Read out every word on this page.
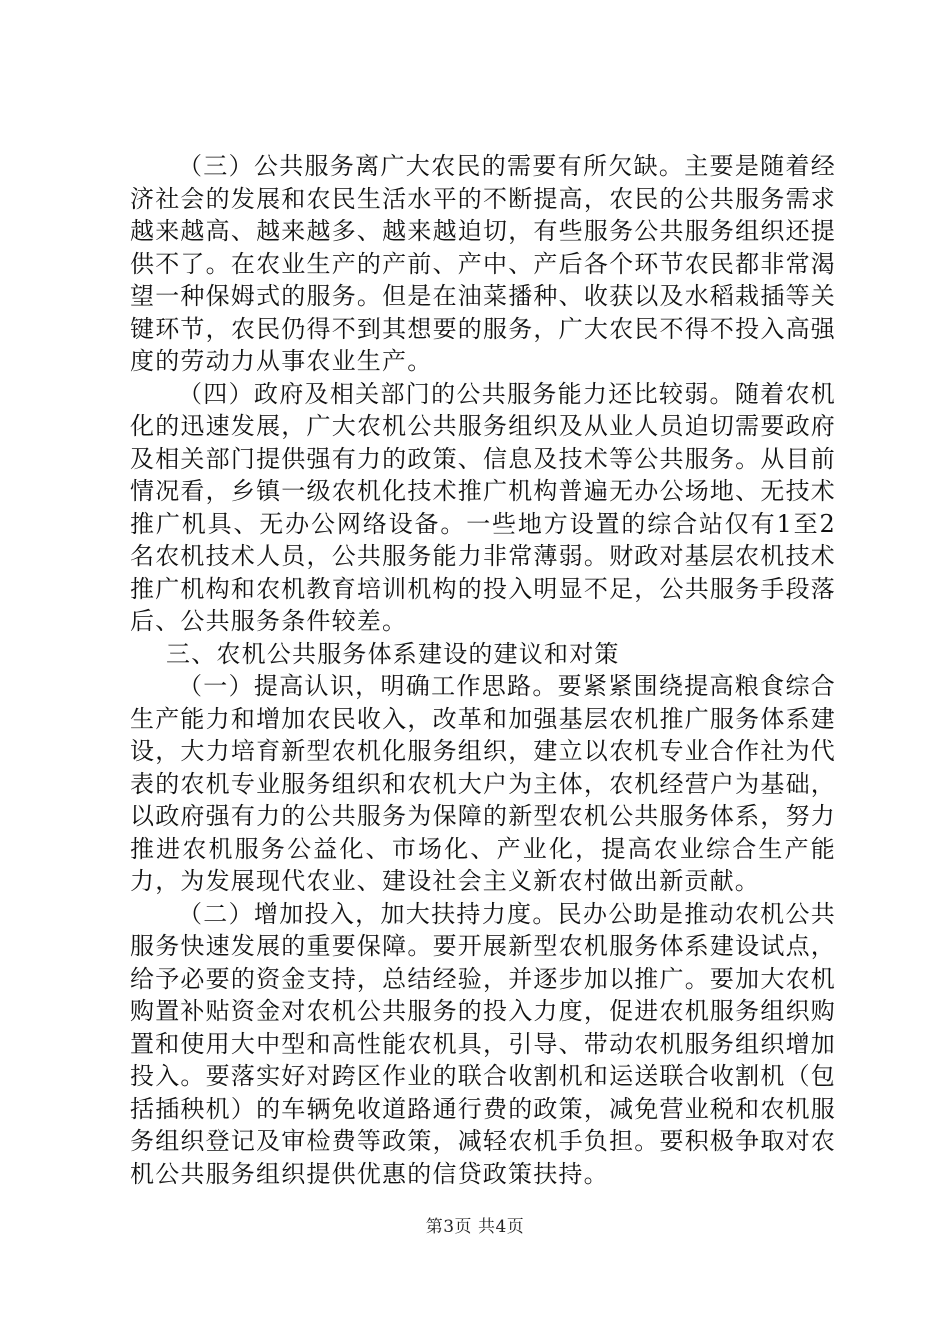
（三）公共服务离广大农民的需要有所欠缺。主要是随着经济社会的发展和农民生活水平的不断提高，农民的公共服务需求越来越高、越来越多、越来越迫切，有些服务公共服务组织还提供不了。在农业生产的产前、产中、产后各个环节农民都非常渴望一种保姆式的服务。但是在油菜播种、收获以及水稻栽插等关键环节，农民仍得不到其想要的服务，广大农民不得不投入高强度的劳动力从事农业生产。

（四）政府及相关部门的公共服务能力还比较弱。随着农机化的迅速发展，广大农机公共服务组织及从业人员迫切需要政府及相关部门提供强有力的政策、信息及技术等公共服务。从目前情况看，乡镇一级农机化技术推广机构普遍无办公场地、无技术推广机具、无办公网络设备。一些地方设置的综合站仅有1至2名农机技术人员，公共服务能力非常薄弱。财政对基层农机技术推广机构和农机教育培训机构的投入明显不足，公共服务手段落后、公共服务条件较差。

三、农机公共服务体系建设的建议和对策

（一）提高认识，明确工作思路。要紧紧围绕提高粮食综合生产能力和增加农民收入，改革和加强基层农机推广服务体系建设，大力培育新型农机化服务组织，建立以农机专业合作社为代表的农机专业服务组织和农机大户为主体，农机经营户为基础，以政府强有力的公共服务为保障的新型农机公共服务体系，努力推进农机服务公益化、市场化、产业化，提高农业综合生产能力，为发展现代农业、建设社会主义新农村做出新贡献。

（二）增加投入，加大扶持力度。民办公助是推动农机公共服务快速发展的重要保障。要开展新型农机服务体系建设试点，给予必要的资金支持，总结经验，并逐步加以推广。要加大农机购置补贴资金对农机公共服务的投入力度，促进农机服务组织购置和使用大中型和高性能农机具，引导、带动农机服务组织增加投入。要落实好对跨区作业的联合收割机和运送联合收割机（包括插秧机）的车辆免收道路通行费的政策，减免营业税和农机服务组织登记及审检费等政策，减轻农机手负担。要积极争取对农机公共服务组织提供优惠的信贷政策扶持。

第3页 共4页
